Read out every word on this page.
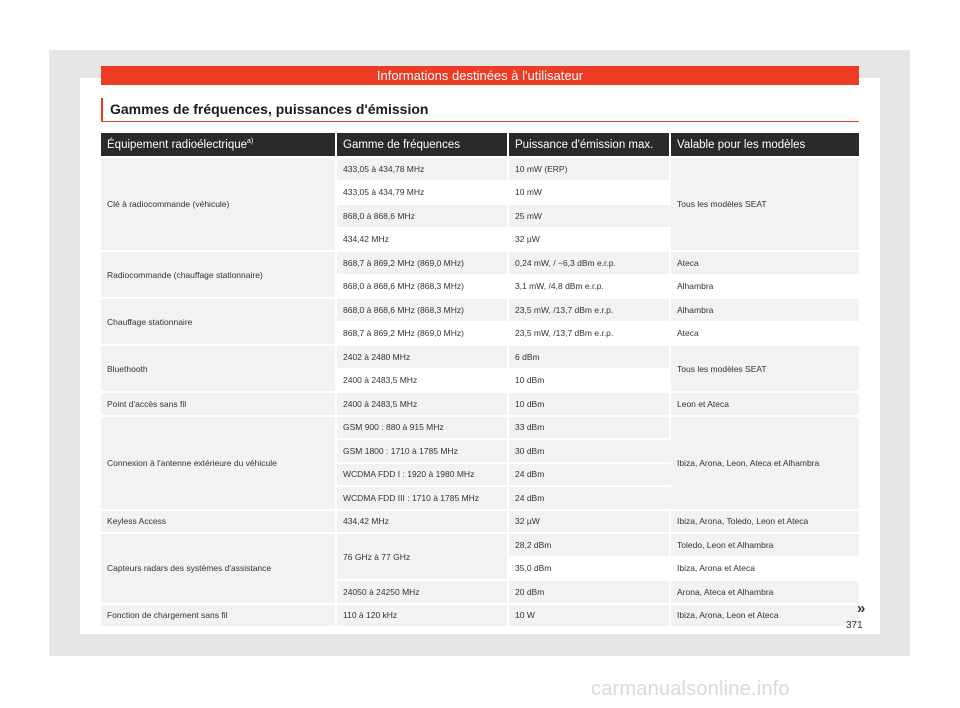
Informations destinées à l'utilisateur
Gammes de fréquences, puissances d'émission
Équipement radioélectrique$^{a)}$	Gamme de fréquences	Puissance d'émission max.	Valable pour les modèles
Clé à radiocommande (véhicule)	433,05 à 434,78 MHz	10 mW (ERP)	Tous les modèles SEAT
	433,05 à 434,79 MHz	10 mW	
	868,0 à 868,6 MHz	25 mW	
	434,42 MHz	32 µW	
Radiocommande (chauffage stationnaire)	868,7 à 869,2 MHz (869,0 MHz)	0,24 mW, / −6,3 dBm e.r.p.	Ateca
	868,0 à 868,6 MHz (868,3 MHz)	3,1 mW, /4,8 dBm e.r.p.	Alhambra
Chauffage stationnaire	868,0 à 868,6 MHz (868,3 MHz)	23,5 mW, /13,7 dBm e.r.p.	Alhambra
	868,7 à 869,2 MHz (869,0 MHz)	23,5 mW, /13,7 dBm e.r.p.	Ateca
Bluethooth	2402 à 2480 MHz	6 dBm	Tous les modèles SEAT
	2400 à 2483,5 MHz	10 dBm	
Point d'accès sans fil	2400 à 2483,5 MHz	10 dBm	Leon et Ateca
Connexion à l'antenne extérieure du véhicule	GSM 900 : 880 à 915 MHz	33 dBm	Ibiza, Arona, Leon, Ateca et Alhambra
	GSM 1800 : 1710 à 1785 MHz	30 dBm	
	WCDMA FDD I : 1920 à 1980 MHz	24 dBm	
	WCDMA FDD III : 1710 à 1785 MHz	24 dBm	
Keyless Access	434,42 MHz	32 µW	Ibiza, Arona, Toledo, Leon et Ateca
Capteurs radars des systèmes d'assistance	76 GHz à 77 GHz	28,2 dBm	Toledo, Leon et Alhambra
		35,0 dBm	Ibiza, Arona et Ateca
	24050 à 24250 MHz	20 dBm	Arona, Ateca et Alhambra
Fonction de chargement sans fil	110 à 120 kHz	10 W	Ibiza, Arona, Leon et Ateca	»
371
carmanualsonline.info
